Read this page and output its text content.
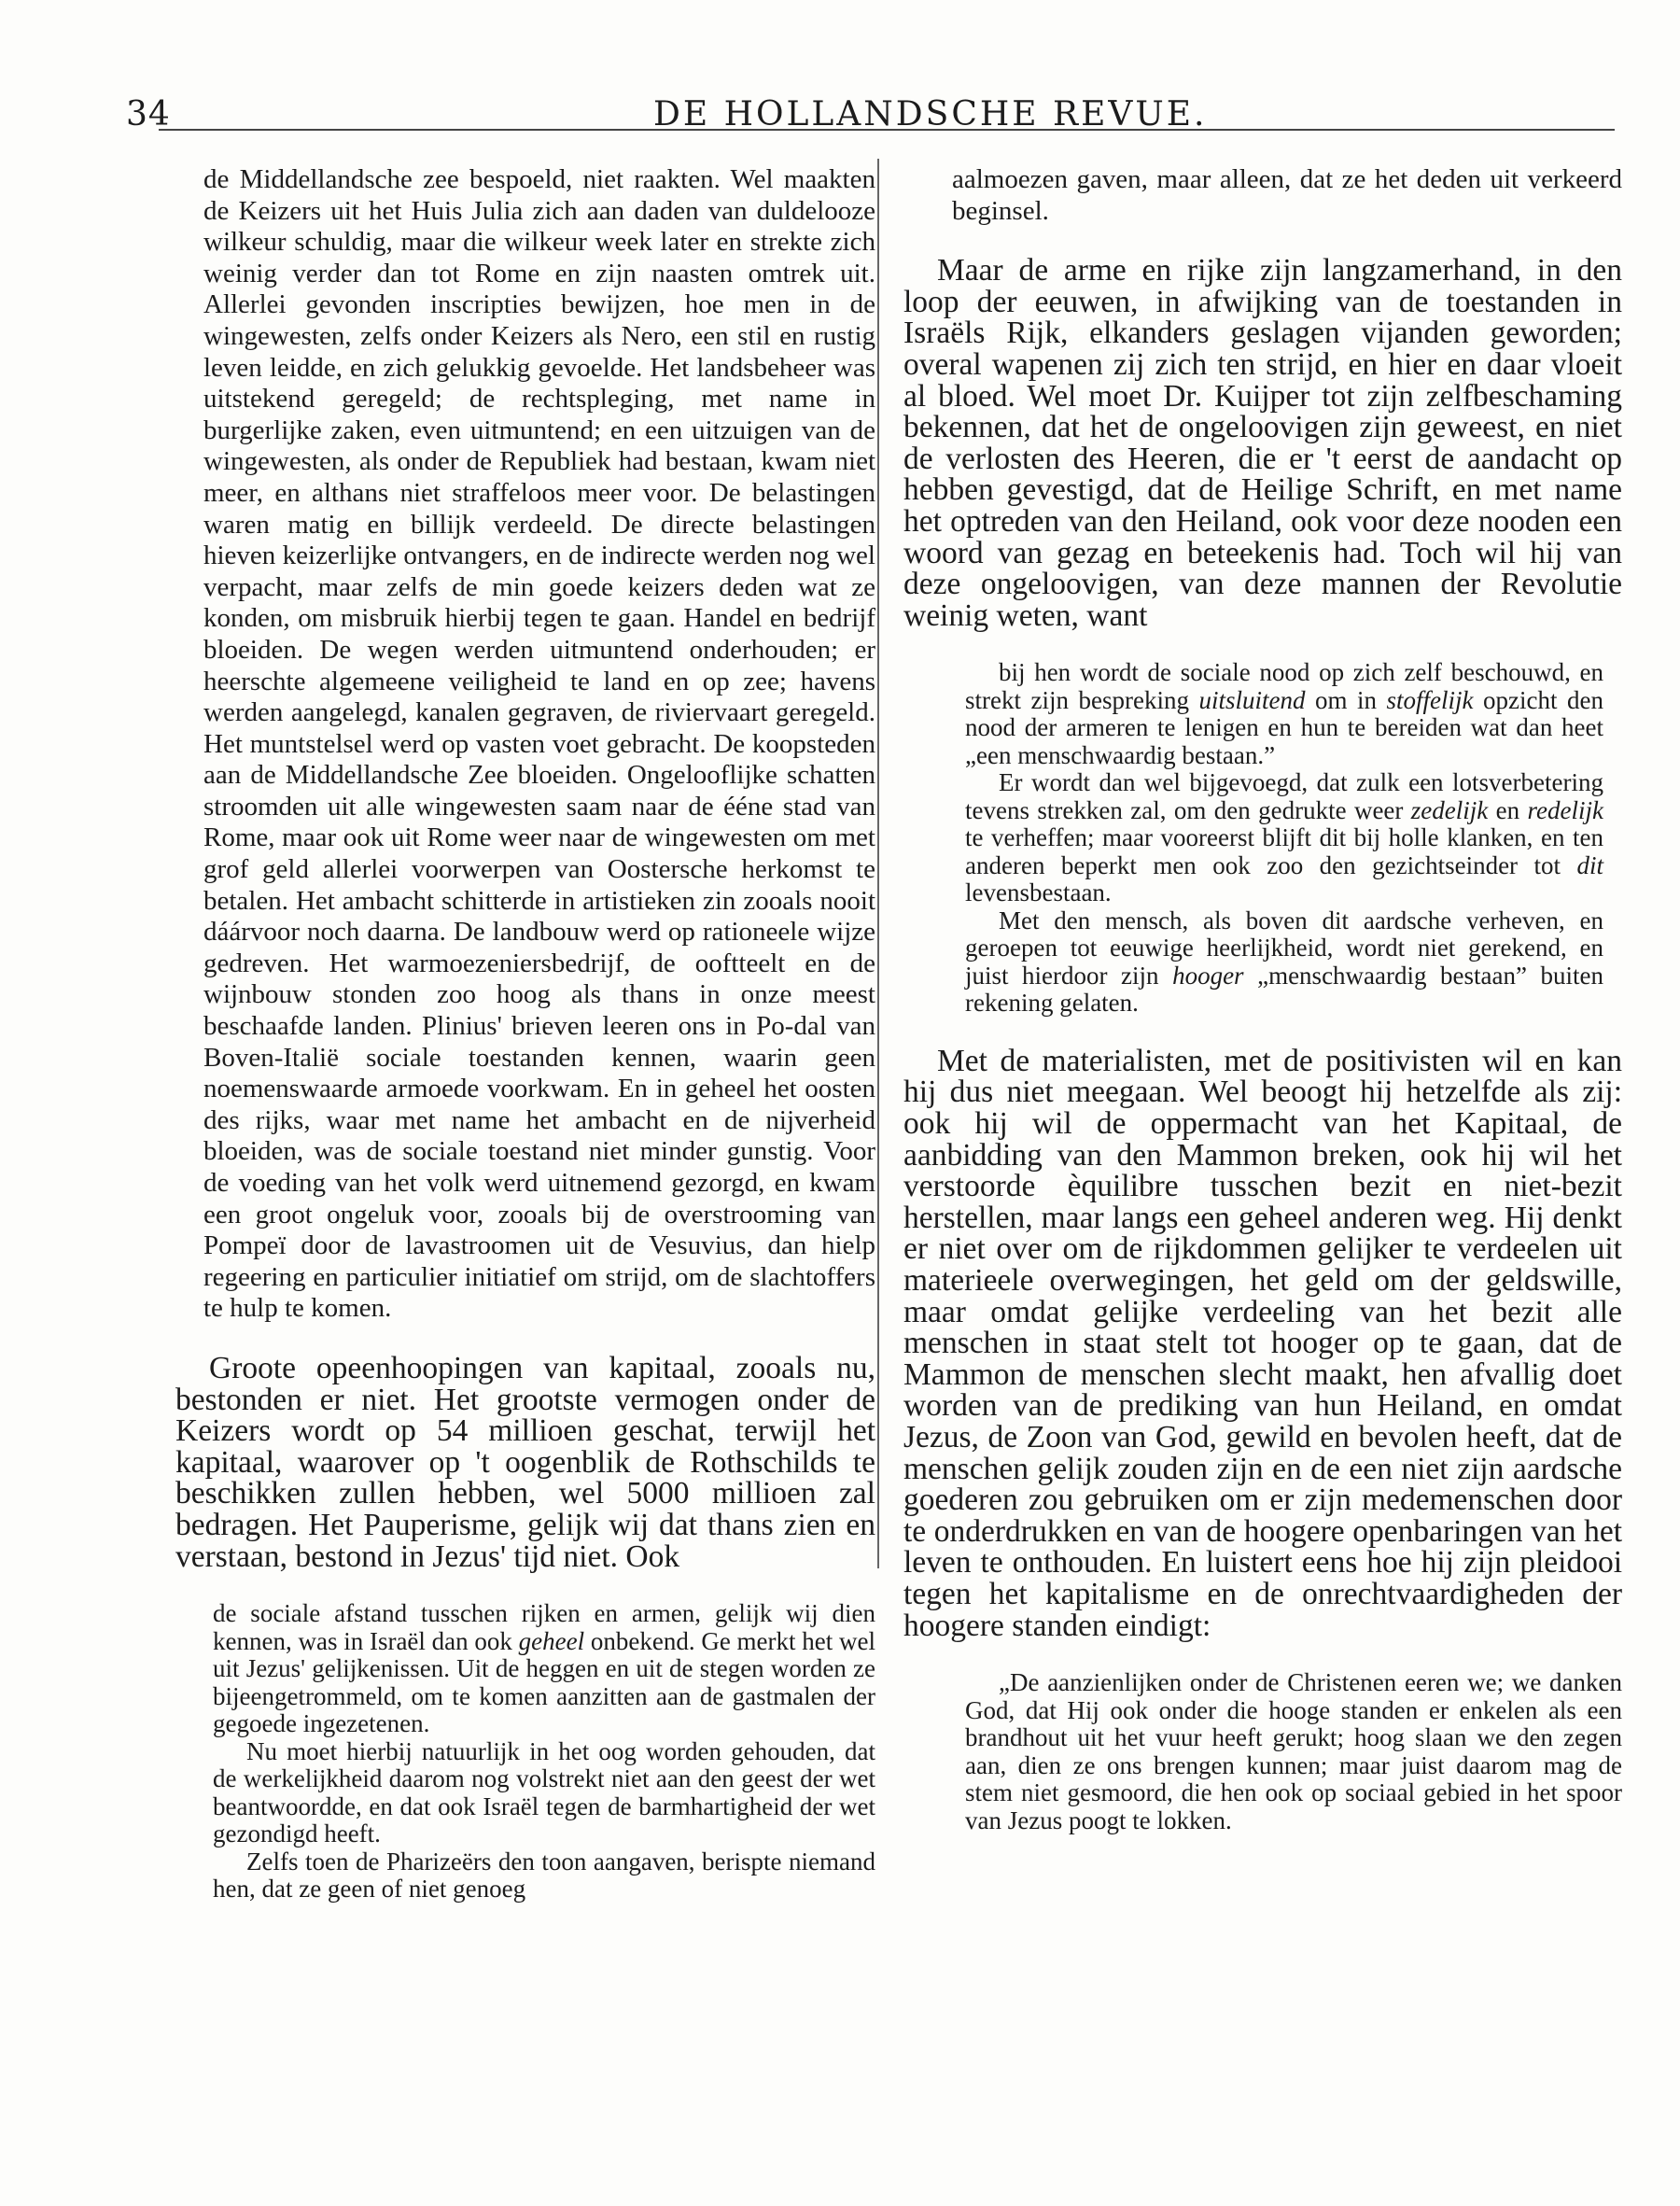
34	DE HOLLANDSCHE REVUE.

de Middellandsche zee bespoeld, niet raakten. Wel maakten de Keizers uit het Huis Julia zich aan daden van duldelooze wilkeur schuldig, maar die wilkeur week later en strekte zich weinig verder dan tot Rome en zijn naasten omtrek uit. Allerlei gevonden inscripties bewijzen, hoe men in de wingewesten, zelfs onder Keizers als Nero, een stil en rustig leven leidde, en zich gelukkig gevoelde. Het landsbeheer was uitstekend geregeld; de rechtspleging, met name in burgerlijke zaken, even uitmuntend; en een uitzuigen van de wingewesten, als onder de Republiek had bestaan, kwam niet meer, en althans niet straffeloos meer voor. De belastingen waren matig en billijk verdeeld. De directe belastingen hieven keizerlijke ontvangers, en de indirecte werden nog wel verpacht, maar zelfs de min goede keizers deden wat ze konden, om misbruik hierbij tegen te gaan. Handel en bedrijf bloeiden. De wegen werden uitmuntend onderhouden; er heerschte algemeene veiligheid te land en op zee; havens werden aangelegd, kanalen gegraven, de riviervaart geregeld. Het muntstelsel werd op vasten voet gebracht. De koopsteden aan de Middellandsche Zee bloeiden. Ongelooflijke schatten stroomden uit alle wingewesten saam naar de ééne stad van Rome, maar ook uit Rome weer naar de wingewesten om met grof geld allerlei voorwerpen van Oostersche herkomst te betalen. Het ambacht schitterde in artistieken zin zooals nooit dáárvoor noch daarna. De landbouw werd op rationeele wijze gedreven. Het warmoezeniersbedrijf, de ooftteelt en de wijnbouw stonden zoo hoog als thans in onze meest beschaafde landen. Plinius' brieven leeren ons in Po-dal van Boven-Italië sociale toestanden kennen, waarin geen noemenswaarde armoede voorkwam. En in geheel het oosten des rijks, waar met name het ambacht en de nijverheid bloeiden, was de sociale toestand niet minder gunstig. Voor de voeding van het volk werd uitnemend gezorgd, en kwam een groot ongeluk voor, zooals bij de overstrooming van Pompeï door de lavastroomen uit de Vesuvius, dan hielp regeering en particulier initiatief om strijd, om de slachtoffers te hulp te komen.

Groote opeenhoopingen van kapitaal, zooals nu, bestonden er niet. Het grootste vermogen onder de Keizers wordt op 54 millioen geschat, terwijl het kapitaal, waarover op 't oogenblik de Rothschilds te beschikken zullen hebben, wel 5000 millioen zal bedragen. Het Pauperisme, gelijk wij dat thans zien en verstaan, bestond in Jezus' tijd niet. Ook

de sociale afstand tusschen rijken en armen, gelijk wij dien kennen, was in Israël dan ook geheel onbekend. Ge merkt het wel uit Jezus' gelijkenissen. Uit de heggen en uit de stegen worden ze bijeengetrommeld, om te komen aanzitten aan de gastmalen der gegoede ingezetenen.

Nu moet hierbij natuurlijk in het oog worden gehouden, dat de werkelijkheid daarom nog volstrekt niet aan den geest der wet beantwoordde, en dat ook Israël tegen de barmhartigheid der wet gezondigd heeft.

Zelfs toen de Pharizeërs den toon aangaven, berispte niemand hen, dat ze geen of niet genoeg

aalmoezen gaven, maar alleen, dat ze het deden uit verkeerd beginsel.

Maar de arme en rijke zijn langzamerhand, in den loop der eeuwen, in afwijking van de toestanden in Israëls Rijk, elkanders geslagen vijanden geworden; overal wapenen zij zich ten strijd, en hier en daar vloeit al bloed. Wel moet Dr. Kuijper tot zijn zelfbeschaming bekennen, dat het de ongeloovigen zijn geweest, en niet de verlosten des Heeren, die er 't eerst de aandacht op hebben gevestigd, dat de Heilige Schrift, en met name het optreden van den Heiland, ook voor deze nooden een woord van gezag en beteekenis had. Toch wil hij van deze ongeloovigen, van deze mannen der Revolutie weinig weten, want

bij hen wordt de sociale nood op zich zelf beschouwd, en strekt zijn bespreking uitsluitend om in stoffelijk opzicht den nood der armeren te lenigen en hun te bereiden wat dan heet „een menschwaardig bestaan.”

Er wordt dan wel bijgevoegd, dat zulk een lotsverbetering tevens strekken zal, om den gedrukte weer zedelijk en redelijk te verheffen; maar vooreerst blijft dit bij holle klanken, en ten anderen beperkt men ook zoo den gezichtseinder tot dit levensbestaan.

Met den mensch, als boven dit aardsche verheven, en geroepen tot eeuwige heerlijkheid, wordt niet gerekend, en juist hierdoor zijn hooger „menschwaardig bestaan” buiten rekening gelaten.

Met de materialisten, met de positivisten wil en kan hij dus niet meegaan. Wel beoogt hij hetzelfde als zij: ook hij wil de oppermacht van het Kapitaal, de aanbidding van den Mammon breken, ook hij wil het verstoorde èquilibre tusschen bezit en niet-bezit herstellen, maar langs een geheel anderen weg. Hij denkt er niet over om de rijkdommen gelijker te verdeelen uit materieele overwegingen, het geld om der geldswille, maar omdat gelijke verdeeling van het bezit alle menschen in staat stelt tot hooger op te gaan, dat de Mammon de menschen slecht maakt, hen afvallig doet worden van de prediking van hun Heiland, en omdat Jezus, de Zoon van God, gewild en bevolen heeft, dat de menschen gelijk zouden zijn en de een niet zijn aardsche goederen zou gebruiken om er zijn medemenschen door te onderdrukken en van de hoogere openbaringen van het leven te onthouden. En luistert eens hoe hij zijn pleidooi tegen het kapitalisme en de onrechtvaardigheden der hoogere standen eindigt:

„De aanzienlijken onder de Christenen eeren we; we danken God, dat Hij ook onder die hooge standen er enkelen als een brandhout uit het vuur heeft gerukt; hoog slaan we den zegen aan, dien ze ons brengen kunnen; maar juist daarom mag de stem niet gesmoord, die hen ook op sociaal gebied in het spoor van Jezus poogt te lokken.
